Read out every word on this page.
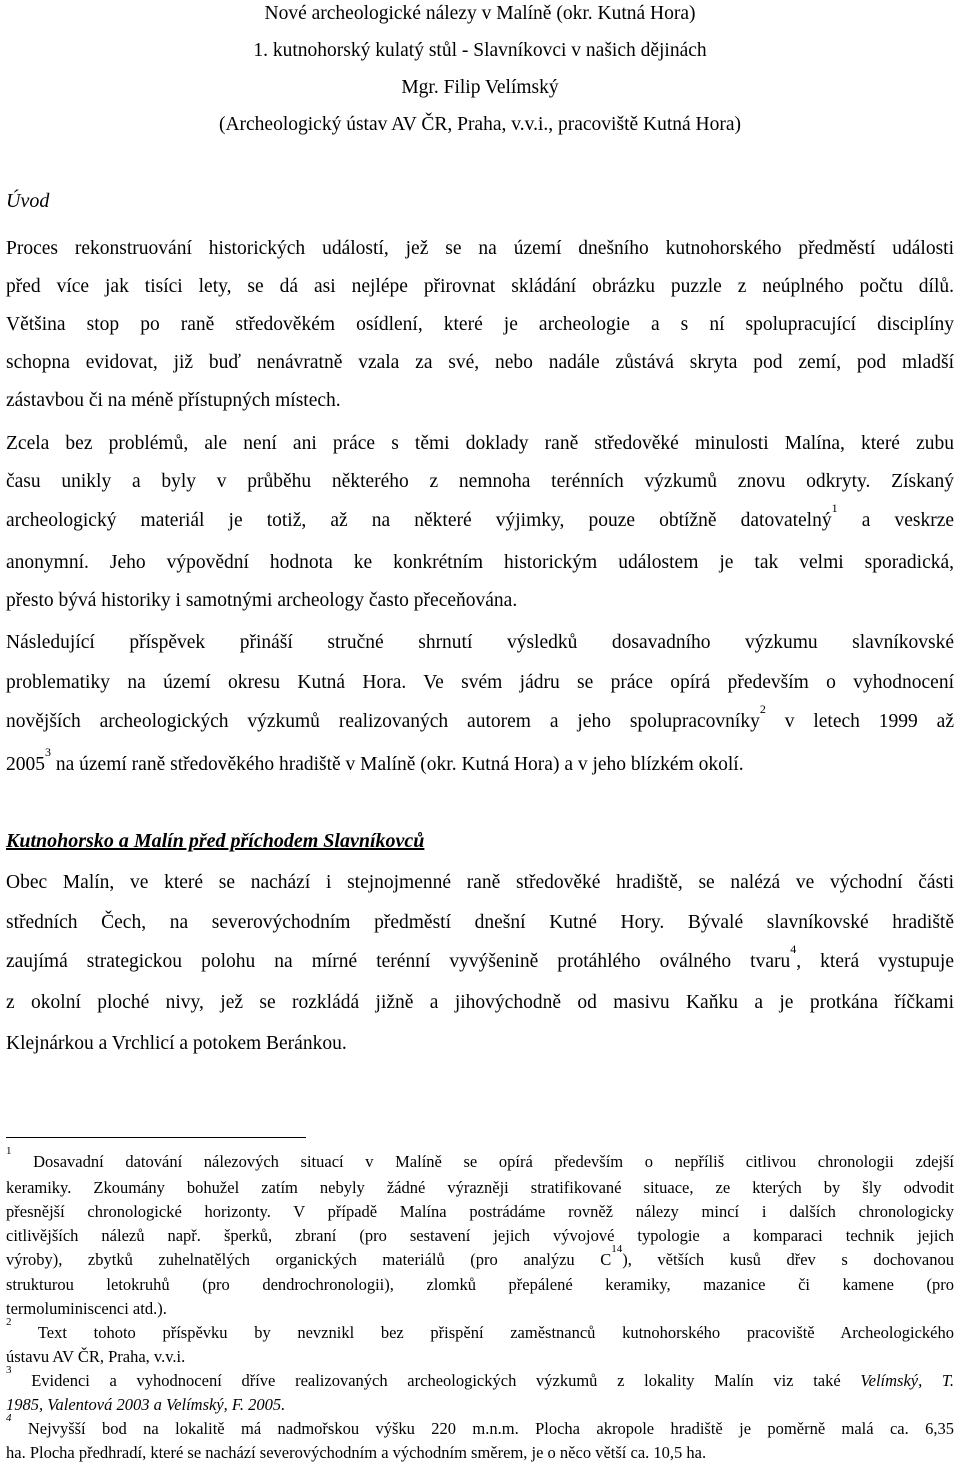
Nové archeologické nálezy v Malíně (okr. Kutná Hora)
1. kutnohorský kulatý stůl - Slavníkovci v našich dějinách
Mgr. Filip Velímský
(Archeologický ústav AV ČR, Praha, v.v.i., pracoviště Kutná Hora)
Úvod
Proces rekonstruování historických událostí, jež se na území dnešního kutnohorského předměstí události
před více jak tisíci lety, se dá asi nejlépe přirovnat skládání obrázku puzzle z neúplného počtu dílů.
Většina stop po raně středověkém osídlení, které je archeologie a s ní spolupracující disciplíny
schopna evidovat, již buď nenávratně vzala za své, nebo nadále zůstává skryta pod zemí, pod mladší
zástavbou či na méně přístupných místech.
Zcela bez problémů, ale není ani práce s těmi doklady raně středověké minulosti Malína, které zubu
času unikly a byly v průběhu některého z nemnoha terénních výzkumů znovu odkryty. Získaný
archeologický materiál je totiž, až na některé výjimky, pouze obtížně datovatelný$^1$ a veskrze
anonymní. Jeho výpovědní hodnota ke konkrétním historickým událostem je tak velmi sporadická,
přesto bývá historiky i samotnými archeology často přeceňována.
Následující příspěvek přináší stručné shrnutí výsledků dosavadního výzkumu slavníkovské
problematiky na území okresu Kutná Hora. Ve svém jádru se práce opírá především o vyhodnocení
novějších archeologických výzkumů realizovaných autorem a jeho spolupracovníky$^2$ v letech 1999 až
2005$^3$ na území raně středověkého hradiště v Malíně (okr. Kutná Hora) a v jeho blízkém okolí.
Kutnohorsko a Malín před příchodem Slavníkovců
Obec Malín, ve které se nachází i stejnojmenné raně středověké hradiště, se nalézá ve východní části
středních Čech, na severovýchodním předměstí dnešní Kutné Hory. Bývalé slavníkovské hradiště
zaujímá strategickou polohu na mírné terénní vyvýšenině protáhlého oválného tvaru$^4$, která vystupuje
z okolní ploché nivy, jež se rozkládá jižně a jihovýchodně od masivu Kaňku a je protkána říčkami
Klejnárkou a Vrchlicí a potokem Beránkou.
$^1$ Dosavadní datování nálezových situací v Malíně se opírá především o nepříliš citlivou chronologii zdejší
keramiky. Zkoumány bohužel zatím nebyly žádné výrazněji stratifikované situace, ze kterých by šly odvodit
přesnější chronologické horizonty. V případě Malína postrádáme rovněž nálezy mincí i dalších chronologicky
citlivějších nálezů např. šperků, zbraní (pro sestavení jejich vývojové typologie a komparaci technik jejich
výroby), zbytků zuhelnatělých organických materiálů (pro analýzu $C^{14}$), větších kusů dřev s dochovanou
strukturou letokruhů (pro dendrochronologii), zlomků přepálené keramiky, mazanice či kamene (pro
termoluminiscenci atd.).
$^2$ Text tohoto příspěvku by nevznikl bez přispění zaměstnanců kutnohorského pracoviště Archeologického
ústavu AV ČR, Praha, v.v.i.
$^3$ Evidenci a vyhodnocení dříve realizovaných archeologických výzkumů z lokality Malín viz také Velímský, T.
1985, Valentová 2003 a Velímský, F. 2005.
$^4$ Nejvyšší bod na lokalitě má nadmořskou výšku 220 m.n.m. Plocha akropole hradiště je poměrně malá ca. 6,35
ha. Plocha předhradí, které se nachází severovýchodním a východním směrem, je o něco větší ca. 10,5 ha.
